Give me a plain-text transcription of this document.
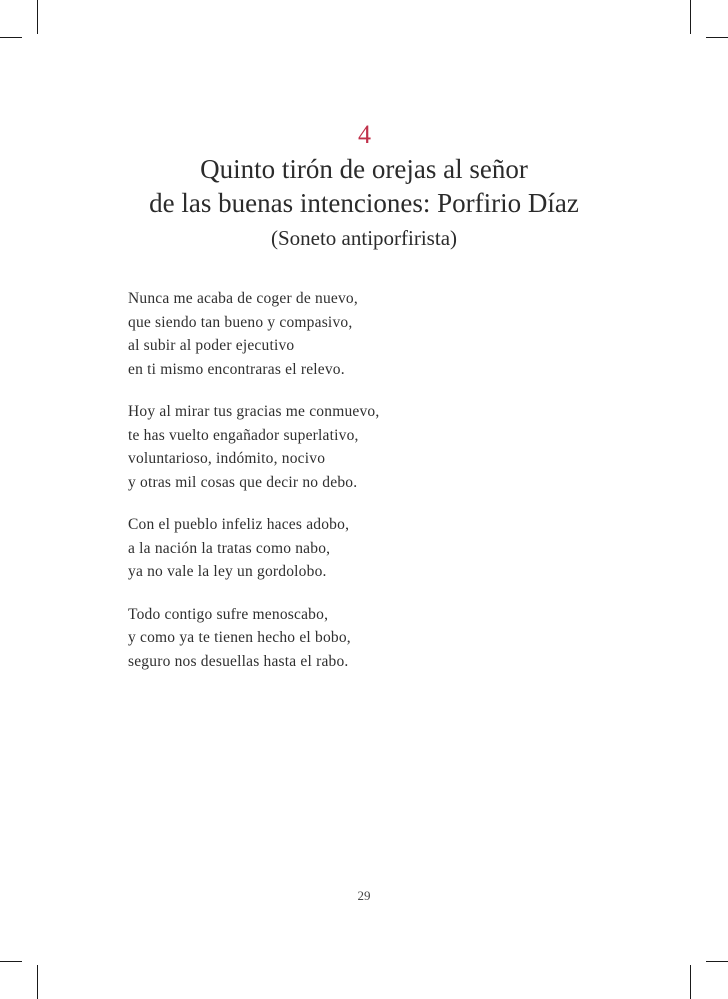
4
Quinto tirón de orejas al señor
de las buenas intenciones: Porfirio Díaz
(Soneto antiporfirista)
Nunca me acaba de coger de nuevo,
que siendo tan bueno y compasivo,
al subir al poder ejecutivo
en ti mismo encontraras el relevo.
Hoy al mirar tus gracias me conmuevo,
te has vuelto engañador superlativo,
voluntarioso, indómito, nocivo
y otras mil cosas que decir no debo.
Con el pueblo infeliz haces adobo,
a la nación la tratas como nabo,
ya no vale la ley un gordolobo.
Todo contigo sufre menoscabo,
y como ya te tienen hecho el bobo,
seguro nos desuellas hasta el rabo.
29
